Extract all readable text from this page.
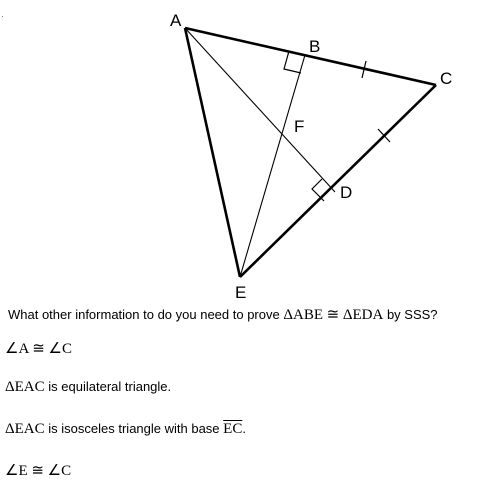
A
B
C
F
D
E
What other information to do you need to prove ΔABE ≅ ΔEDA by SSS?
∠A ≅ ∠C
ΔEAC is equilateral triangle.
ΔEAC is isosceles triangle with base $\overline{EC}$.
∠E ≅ ∠C
